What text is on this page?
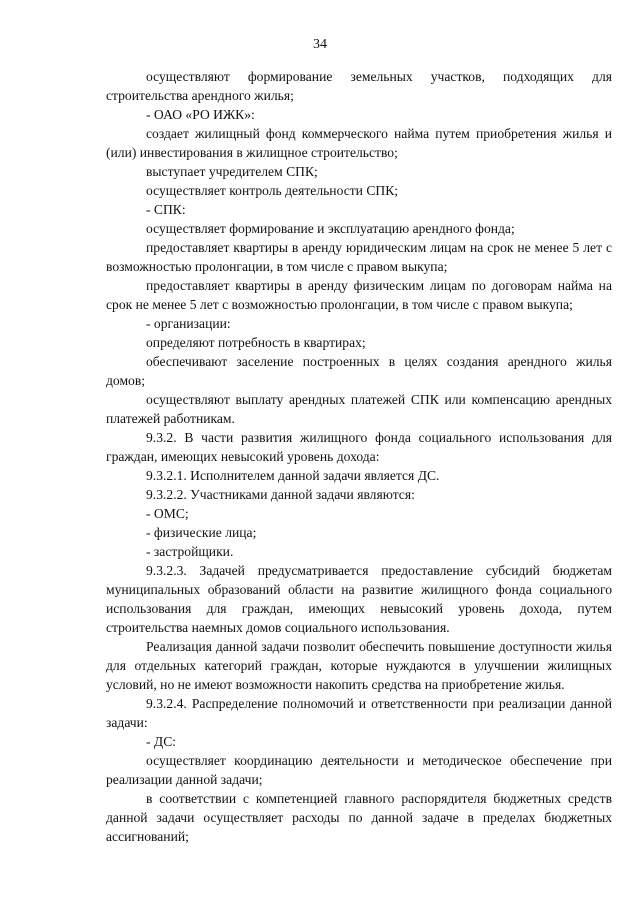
34

осуществляют формирование земельных участков, подходящих для строительства арендного жилья;

- ОАО «РО ИЖК»:

создает жилищный фонд коммерческого найма путем приобретения жилья и (или) инвестирования в жилищное строительство;

выступает учредителем СПК;

осуществляет контроль деятельности СПК;

- СПК:

осуществляет формирование и эксплуатацию арендного фонда;

предоставляет квартиры в аренду юридическим лицам на срок не менее 5 лет с возможностью пролонгации, в том числе с правом выкупа;

предоставляет квартиры в аренду физическим лицам по договорам найма на срок не менее 5 лет с возможностью пролонгации, в том числе с правом выкупа;

- организации:

определяют потребность в квартирах;

обеспечивают заселение построенных в целях создания арендного жилья домов;

осуществляют выплату арендных платежей СПК или компенсацию арендных платежей работникам.

9.3.2. В части развития жилищного фонда социального использования для граждан, имеющих невысокий уровень дохода:

9.3.2.1. Исполнителем данной задачи является ДС.

9.3.2.2. Участниками данной задачи являются:

- ОМС;

- физические лица;

- застройщики.

9.3.2.3. Задачей предусматривается предоставление субсидий бюджетам муниципальных образований области на развитие жилищного фонда социального использования для граждан, имеющих невысокий уровень дохода, путем строительства наемных домов социального использования.

Реализация данной задачи позволит обеспечить повышение доступности жилья для отдельных категорий граждан, которые нуждаются в улучшении жилищных условий, но не имеют возможности накопить средства на приобретение жилья.

9.3.2.4. Распределение полномочий и ответственности при реализации данной задачи:

- ДС:

осуществляет координацию деятельности и методическое обеспечение при реализации данной задачи;

в соответствии с компетенцией главного распорядителя бюджетных средств данной задачи осуществляет расходы по данной задаче в пределах бюджетных ассигнований;
